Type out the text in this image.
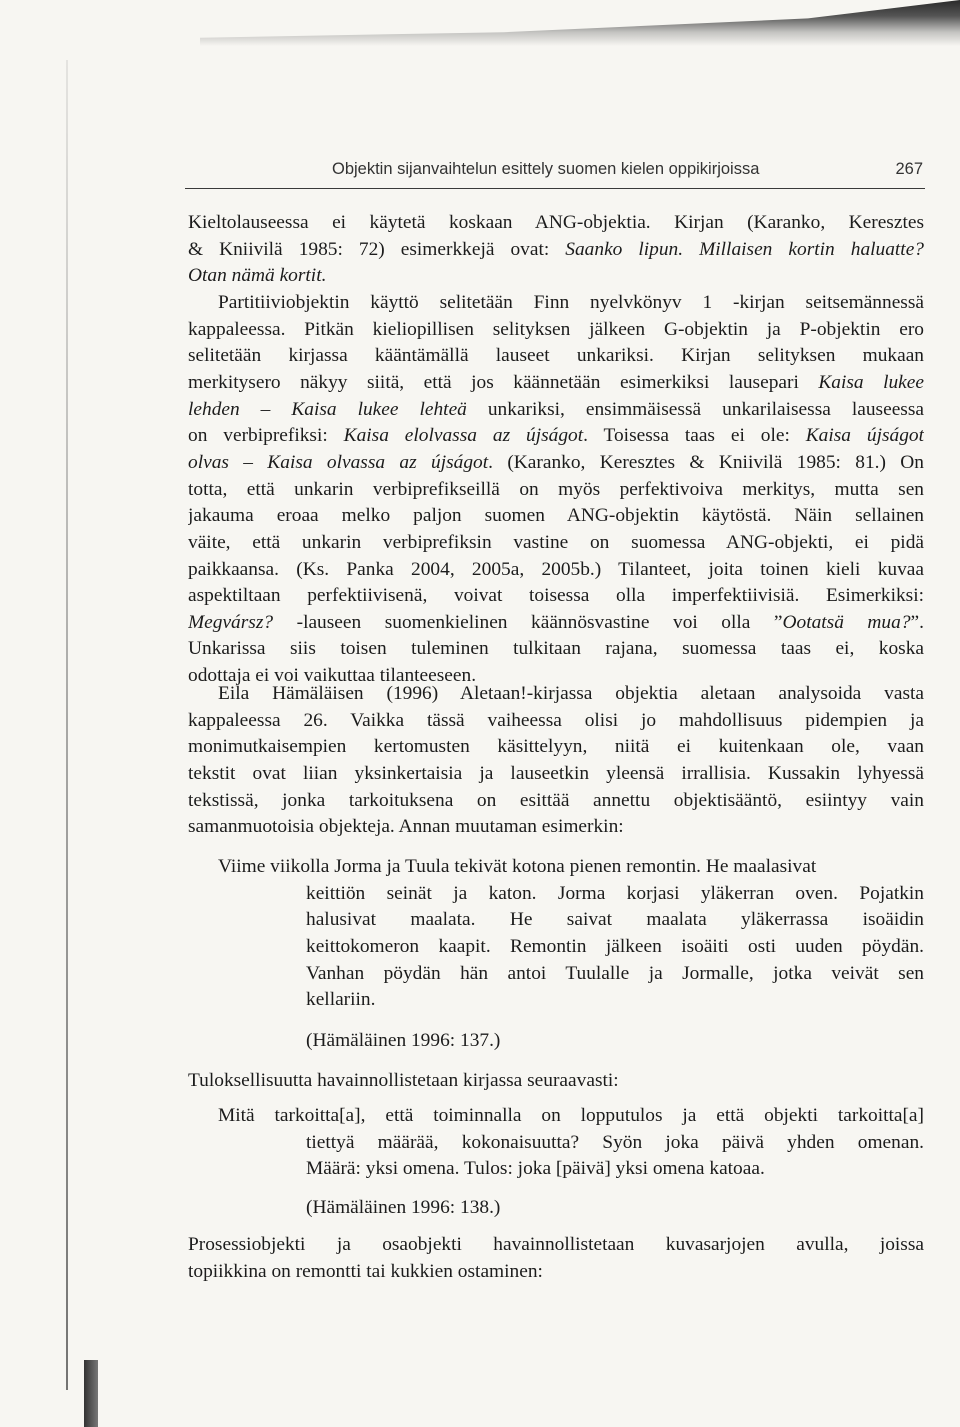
Objektin sijanvaihtelun esittely suomen kielen oppikirjoissa	267
Kieltolauseessa ei käytetä koskaan ANG-objektia. Kirjan (Karanko, Keresztes
& Kniivilä 1985: 72) esimerkkejä ovat: Saanko lipun. Millaisen kortin haluatte?
Otan nämä kortit.
Partitiiviobjektin käyttö selitetään Finn nyelvkönyv 1 -kirjan seitsemännessä
kappaleessa. Pitkän kieliopillisen selityksen jälkeen G-objektin ja P-objektin ero
selitetään kirjassa kääntämällä lauseet unkariksi. Kirjan selityksen mukaan
merkitysero näkyy siitä, että jos käännetään esimerkiksi lausepari Kaisa lukee
lehden – Kaisa lukee lehteä unkariksi, ensimmäisessä unkarilaisessa lauseessa
on verbiprefiksi: Kaisa elolvassa az újságot. Toisessa taas ei ole: Kaisa újságot
olvas – Kaisa olvassa az újságot. (Karanko, Keresztes & Kniivilä 1985: 81.) On
totta, että unkarin verbiprefikseillä on myös perfektivoiva merkitys, mutta sen
jakauma eroaa melko paljon suomen ANG-objektin käytöstä. Näin sellainen
väite, että unkarin verbiprefiksin vastine on suomessa ANG-objekti, ei pidä
paikkaansa. (Ks. Panka 2004, 2005a, 2005b.) Tilanteet, joita toinen kieli kuvaa
aspektiltaan perfektiivisenä, voivat toisessa olla imperfektiivisiä. Esimerkiksi:
Megvársz? -lauseen suomenkielinen käännösvastine voi olla ”Ootatsä mua?”.
Unkarissa siis toisen tuleminen tulkitaan rajana, suomessa taas ei, koska
odottaja ei voi vaikuttaa tilanteeseen.
Eila Hämäläisen (1996) Aletaan!-kirjassa objektia aletaan analysoida vasta
kappaleessa 26. Vaikka tässä vaiheessa olisi jo mahdollisuus pidempien ja
monimutkaisempien kertomusten käsittelyyn, niitä ei kuitenkaan ole, vaan
tekstit ovat liian yksinkertaisia ja lauseetkin yleensä irrallisia. Kussakin lyhyessä
tekstissä, jonka tarkoituksena on esittää annettu objektisääntö, esiintyy vain
samanmuotoisia objekteja. Annan muutaman esimerkin:
Viime viikolla Jorma ja Tuula tekivät kotona pienen remontin. He maalasivat
keittiön seinät ja katon. Jorma korjasi yläkerran oven. Pojatkin
halusivat maalata. He saivat maalata yläkerrassa isoäidin
keittokomeron kaapit. Remontin jälkeen isoäiti osti uuden pöydän.
Vanhan pöydän hän antoi Tuulalle ja Jormalle, jotka veivät sen
kellariin.
Mitä tarkoitta[a], että toiminnalla on lopputulos ja että objekti tarkoitta[a]
tiettyä määrää, kokonaisuutta? Syön joka päivä yhden omenan.
Määrä: yksi omena. Tulos: joka [päivä] yksi omena katoaa.
Prosessiobjekti ja osaobjekti havainnollistetaan kuvasarjojen avulla, joissa
topiikkina on remontti tai kukkien ostaminen:
(Hämäläinen 1996: 137.)
Tuloksellisuutta havainnollistetaan kirjassa seuraavasti:
(Hämäläinen 1996: 138.)
